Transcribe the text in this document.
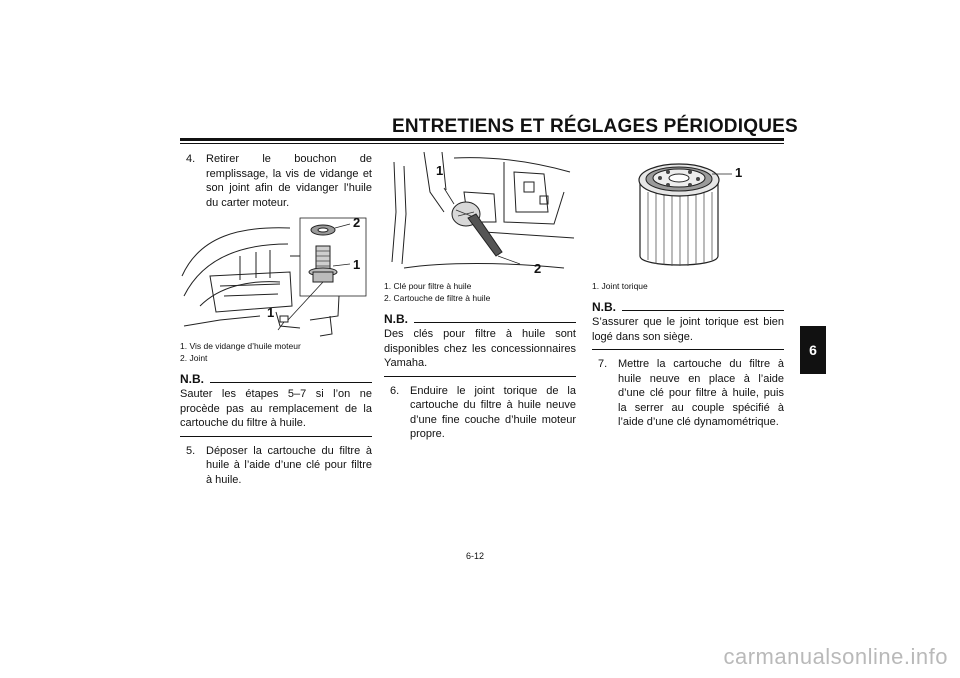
ENTRETIENS ET RÉGLAGES PÉRIODIQUES
4. Retirer le bouchon de remplissage, la vis de vidange et son joint afin de vidanger l’huile du carter moteur.
2
1
1
1. Vis de vidange d’huile moteur
2. Joint
N.B.
Sauter les étapes 5–7 si l’on ne procède pas au remplacement de la cartouche du filtre à huile.
5. Déposer la cartouche du filtre à huile à l’aide d’une clé pour filtre à huile.
1
2
1. Clé pour filtre à huile
2. Cartouche de filtre à huile
N.B.
Des clés pour filtre à huile sont disponibles chez les concessionnaires Yamaha.
6. Enduire le joint torique de la cartouche du filtre à huile neuve d’une fine couche d’huile moteur propre.
1
1. Joint torique
N.B.
S’assurer que le joint torique est bien logé dans son siège.
7. Mettre la cartouche du filtre à huile neuve en place à l’aide d’une clé pour filtre à huile, puis la serrer au couple spécifié à l’aide d’une clé dynamométrique.
6-12
6
carmanualsonline.info
